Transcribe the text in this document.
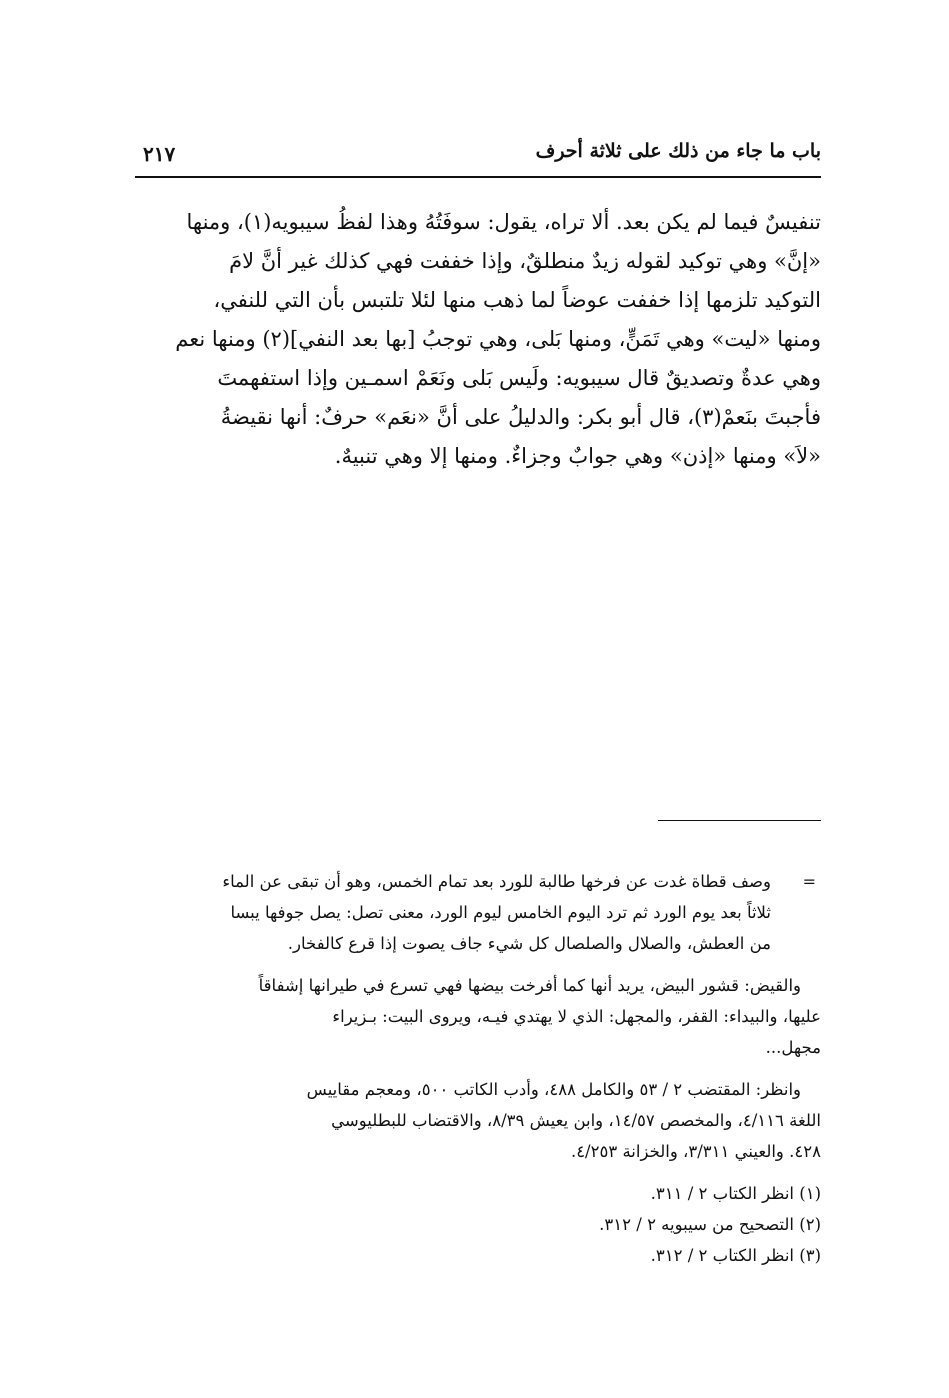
باب ما جاء من ذلك على ثلاثة أحرف
٢١٧
تنفيسٌ فيما لم يكن بعد. ألا تراه، يقول: سوفَتُهُ وهذا لفظُ سيبويه(١)، ومنها
«إنَّ» وهي توكيد لقوله زيدٌ منطلقٌ، وإذا خففت فهي كذلك غير أنَّ لامَ
التوكيد تلزمها إذا خففت عوضاً لما ذهب منها لئلا تلتبس بأن التي للنفي،
ومنها «ليت» وهي تَمَنٍّ، ومنها بَلى، وهي توجبُ [بها بعد النفي](٢) ومنها نعم
وهي عدةٌ وتصديقٌ قال سيبويه: ولَيس بَلى ونَعَمْ اسمـين وإذا استفهمتَ
فأجبتَ بنَعمْ(٣)، قال أبو بكر: والدليلُ على أنَّ «نعَم» حرفٌ: أنها نقيضةُ
«لاَ» ومنها «إذن» وهي جوابٌ وجزاءٌ. ومنها إلا وهي تنبيهٌ.
=
وصف قطاة غدت عن فرخها طالبة للورد بعد تمام الخمس، وهو أن تبقى عن الماء
ثلاثاً بعد يوم الورد ثم ترد اليوم الخامس ليوم الورد، معنى تصل: يصل جوفها يبسا
من العطش، والصلال والصلصال كل شيء جاف يصوت إذا قرع كالفخار.
والقيض: قشور البيض، يريد أنها كما أفرخت بيضها فهي تسرع في طيرانها إشفاقاً
عليها، والبيداء: القفر، والمجهل: الذي لا يهتدي فيـه، ويروى البيت: بـزيراء
مجهل...
وانظر: المقتضب ٢ / ٥٣ والكامل ٤٨٨، وأدب الكاتب ٥٠٠، ومعجم مقاييس
اللغة ٤/١١٦، والمخصص ١٤/٥٧، وابن يعيش ٨/٣٩، والاقتضاب للبطليوسي
٤٢٨. والعيني ٣/٣١١، والخزانة ٤/٢٥٣.
(١) انظر الكتاب ٢ / ٣١١.
(٢) التصحيح من سيبويه ٢ / ٣١٢.
(٣) انظر الكتاب ٢ / ٣١٢.
